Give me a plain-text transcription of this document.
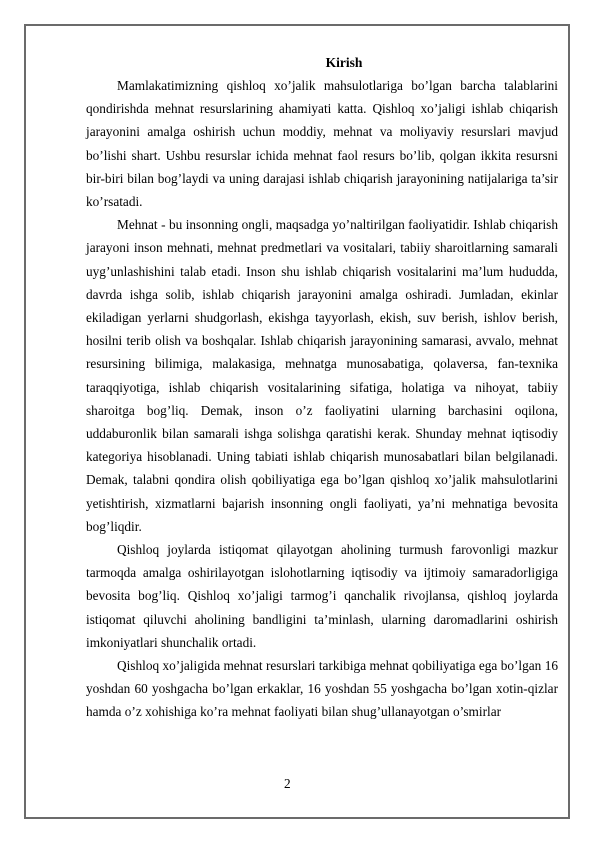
Kirish

Mamlakatimizning qishloq xo’jalik mahsulotlariga bo’lgan barcha talablarini qondirishda mehnat resurslarining ahamiyati katta. Qishloq xo’jaligi ishlab chiqarish jarayonini amalga oshirish uchun moddiy, mehnat va moliyaviy resurslari mavjud bo’lishi shart. Ushbu resurslar ichida mehnat faol resurs bo’lib, qolgan ikkita resursni bir-biri bilan bog’laydi va uning darajasi ishlab chiqarish jarayonining natijalariga ta’sir ko’rsatadi.

Mehnat - bu insonning ongli, maqsadga yo’naltirilgan faoliyatidir. Ishlab chiqarish jarayoni inson mehnati, mehnat predmetlari va vositalari, tabiiy sharoitlarning samarali uyg’unlashishini talab etadi. Inson shu ishlab chiqarish vositalarini ma’lum hududda, davrda ishga solib, ishlab chiqarish jarayonini amalga oshiradi. Jumladan, ekinlar ekiladigan yerlarni shudgorlash, ekishga tayyorlash, ekish, suv berish, ishlov berish, hosilni terib olish va boshqalar. Ishlab chiqarish jarayonining samarasi, avvalo, mehnat resursining bilimiga, malakasiga, mehnatga munosabatiga, qolaversa, fan-texnika taraqqiyotiga, ishlab chiqarish vositalarining sifatiga, holatiga va nihoyat, tabiiy sharoitga bog’liq. Demak, inson o’z faoliyatini ularning barchasini oqilona, uddaburonlik bilan samarali ishga solishga qaratishi kerak. Shunday mehnat iqtisodiy kategoriya hisoblanadi. Uning tabiati ishlab chiqarish munosabatlari bilan belgilanadi. Demak, talabni qondira olish qobiliyatiga ega bo’lgan qishloq xo’jalik mahsulotlarini yetishtirish, xizmatlarni bajarish insonning ongli faoliyati, ya’ni mehnatiga bevosita bog’liqdir.

Qishloq joylarda istiqomat qilayotgan aholining turmush farovonligi mazkur tarmoqda amalga oshirilayotgan islohotlarning iqtisodiy va ijtimoiy samaradorligiga bevosita bog’liq. Qishloq xo’jaligi tarmog’i qanchalik rivojlansa, qishloq joylarda istiqomat qiluvchi aholining bandligini ta’minlash, ularning daromadlarini oshirish imkoniyatlari shunchalik ortadi.

Qishloq xo’jaligida mehnat resurslari tarkibiga mehnat qobiliyatiga ega bo’lgan 16 yoshdan 60 yoshgacha bo’lgan erkaklar, 16 yoshdan 55 yoshgacha bo’lgan xotin-qizlar hamda o’z xohishiga ko’ra mehnat faoliyati bilan shug’ullanayotgan o’smirlar

2
